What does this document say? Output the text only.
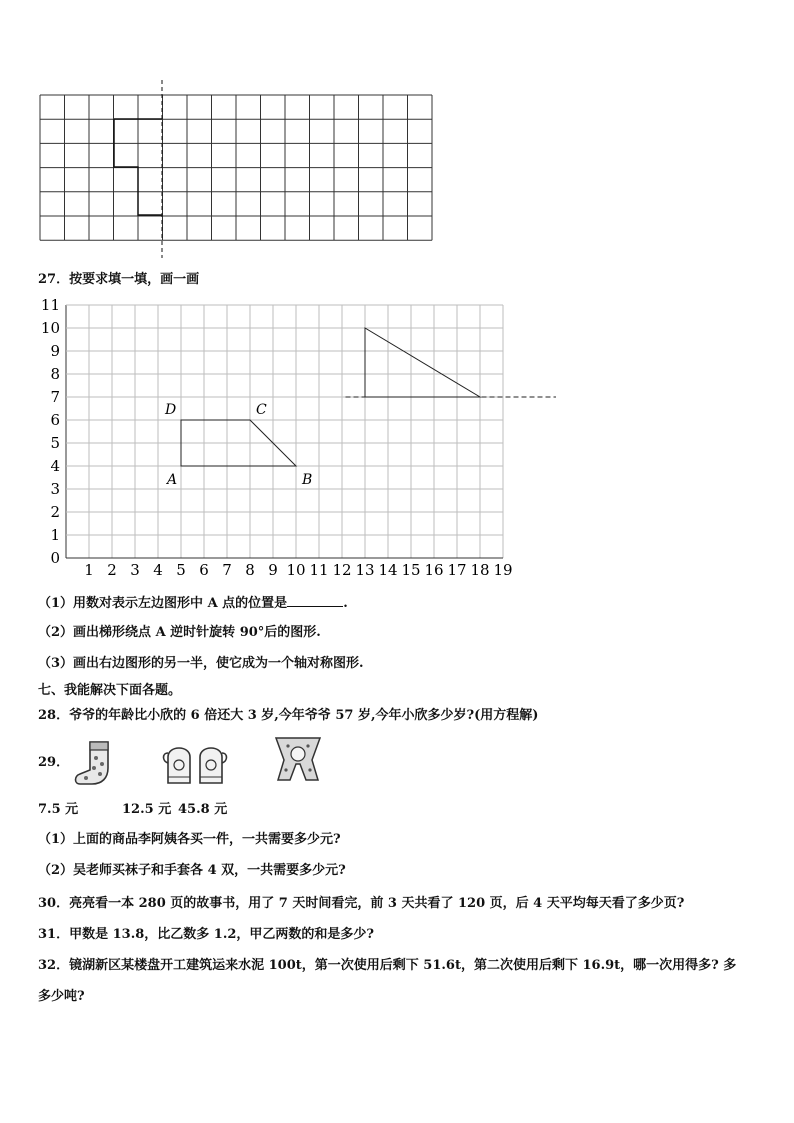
27．按要求填一填，画一画
1 2 3 4 5 6 7 8 9 10 11 12 13 14 15 16 17 18 19
0
1
2
3
4
5
6
7
8
9
10
11
A	B
C
D
（1）用数对表示左边图形中 A 点的位置是	.
（2）画出梯形绕点 A 逆时针旋转 90°后的图形.
（3）画出右边图形的另一半，使它成为一个轴对称图形.
七、我能解决下面各题。
28．爷爷的年龄比小欣的 6 倍还大 3 岁,今年爷爷 57 岁,今年小欣多少岁?(用方程解)
29．
7.5 元	12.5 元 45.8 元
（1）上面的商品李阿姨各买一件，一共需要多少元?
（2）吴老师买袜子和手套各 4 双，一共需要多少元?
30．亮亮看一本 280 页的故事书，用了 7 天时间看完，前 3 天共看了 120 页，后 4 天平均每天看了多少页?
31．甲数是 13.8，比乙数多 1.2，甲乙两数的和是多少?
32．镜湖新区某楼盘开工建筑运来水泥 100t，第一次使用后剩下 51.6t，第二次使用后剩下 16.9t，哪一次用得多? 多
多少吨?
